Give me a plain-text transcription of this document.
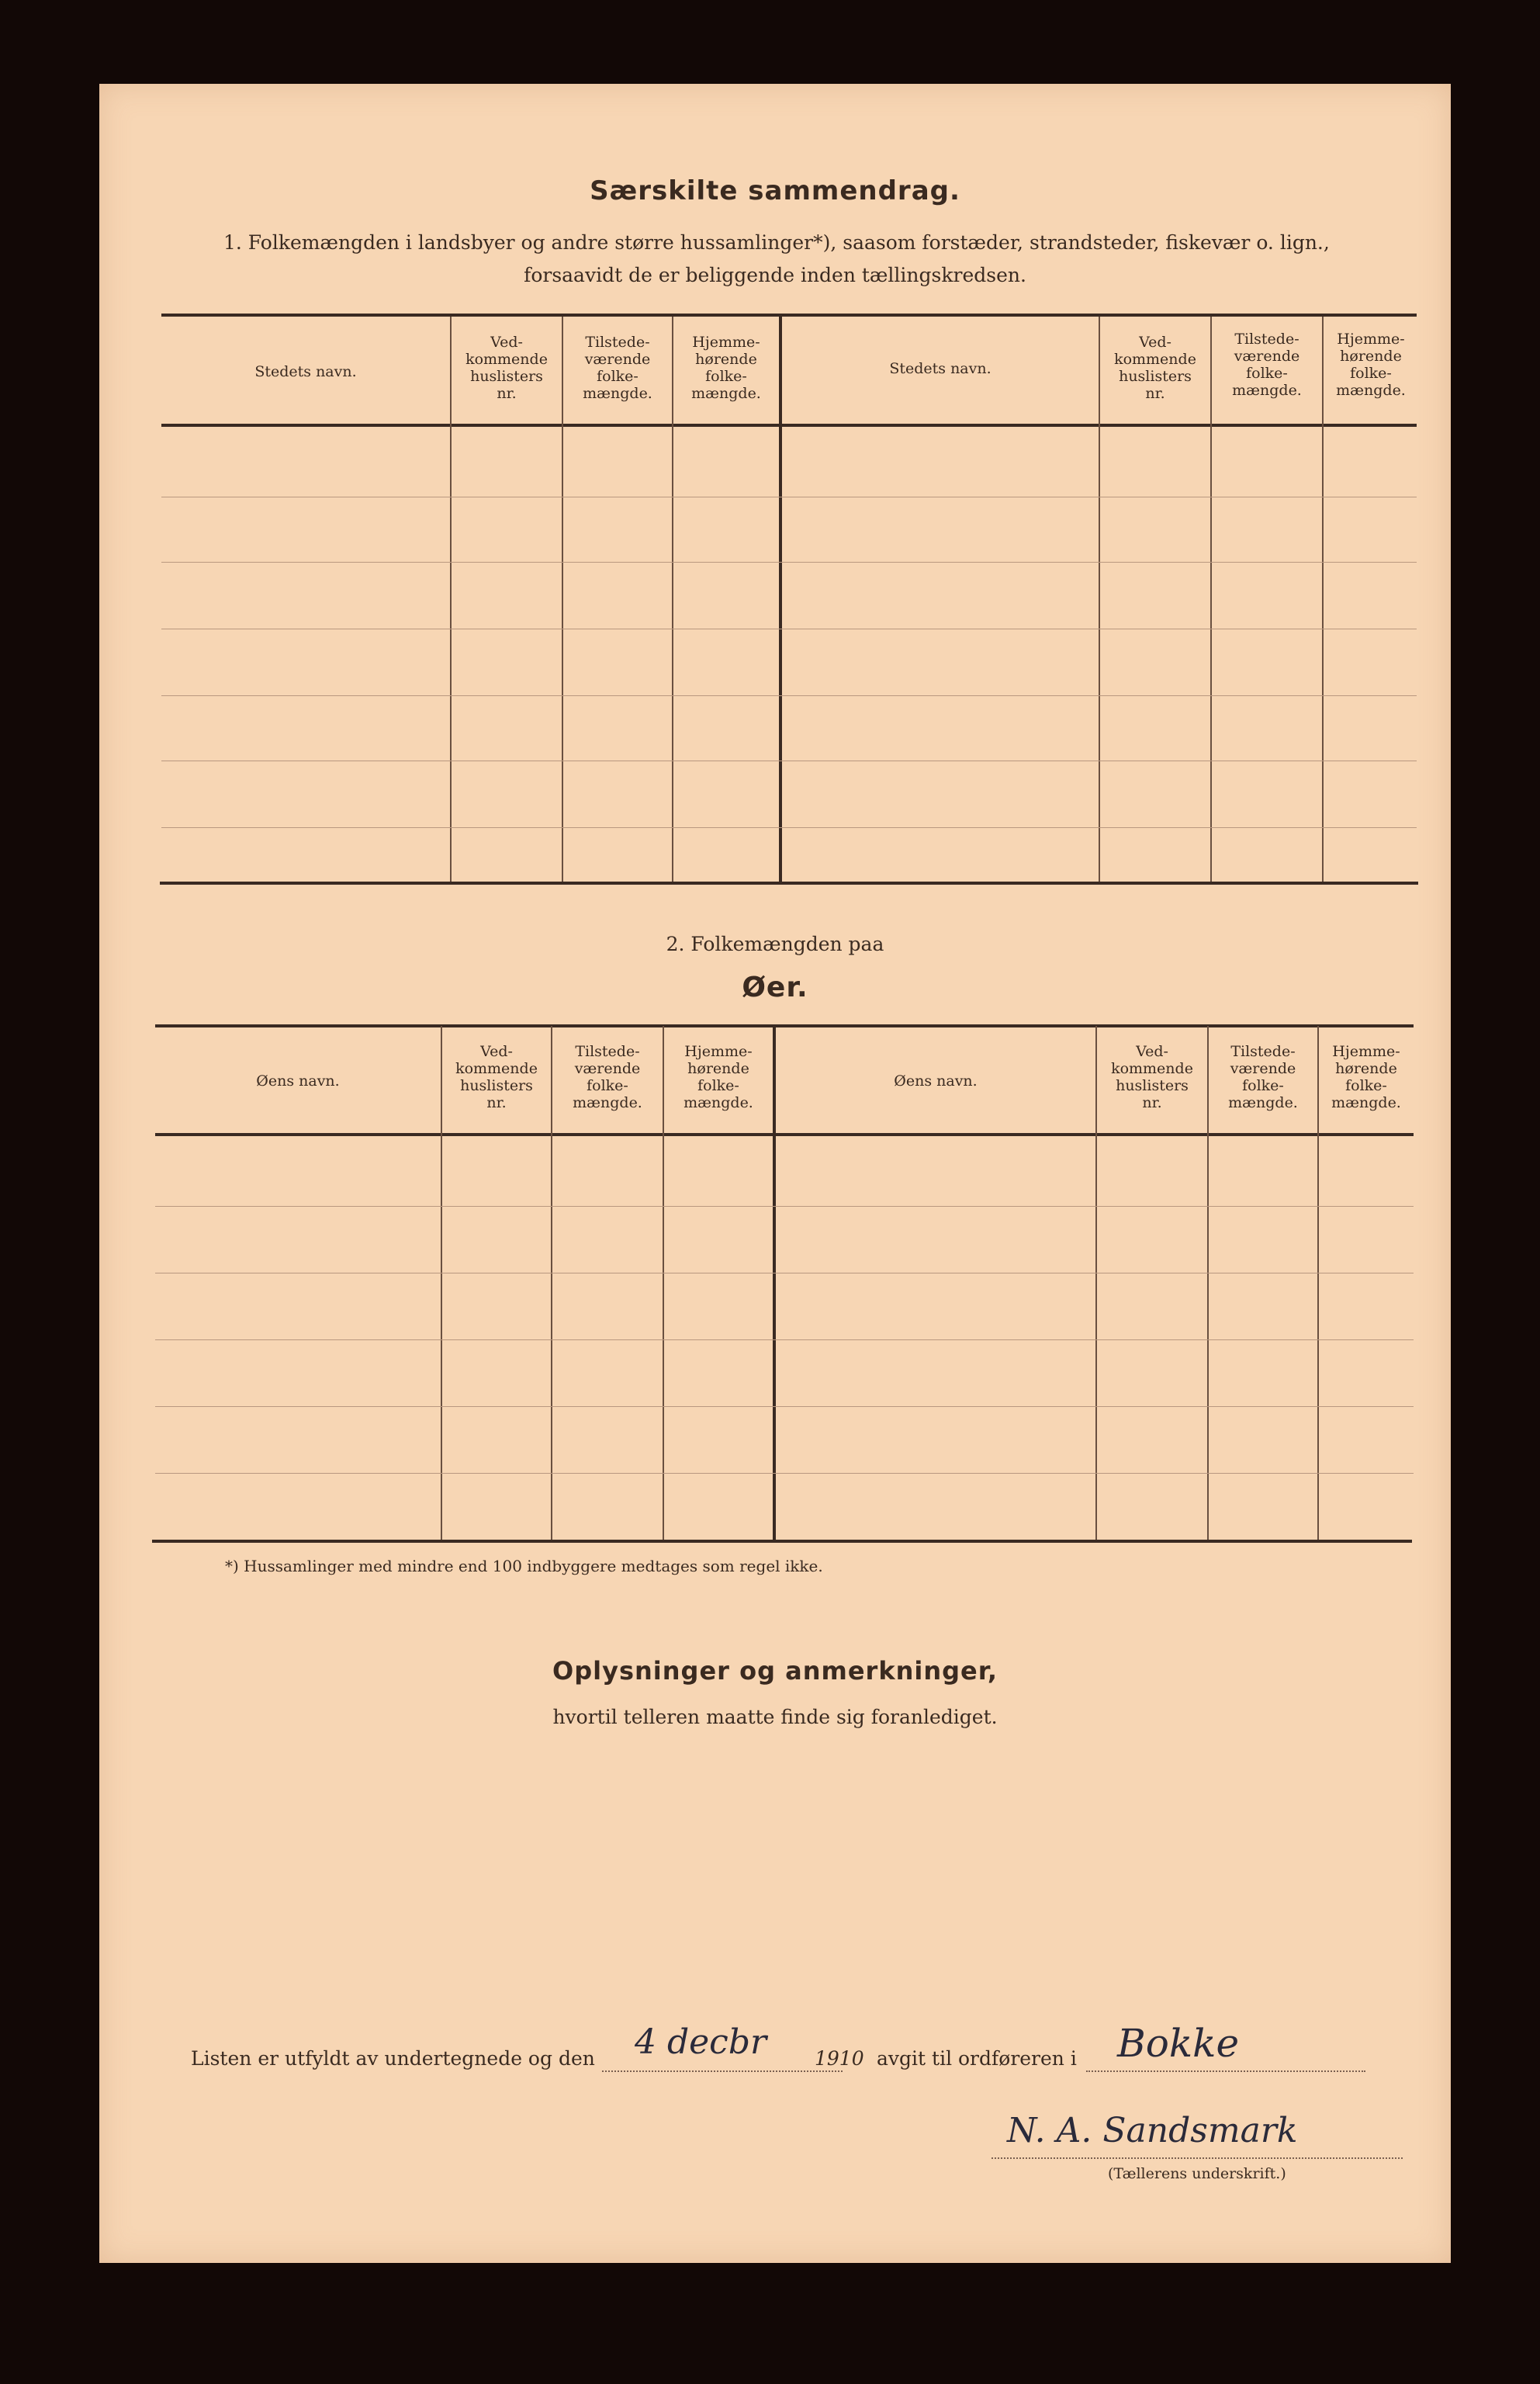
Særskilte sammendrag.
1. Folkemængden i landsbyer og andre større hussamlinger*), saasom forstæder, strandsteder, fiskevær o. lign.,
forsaavidt de er beliggende inden tællingskredsen.
Stedets navn.
Ved-
kommende
huslisters
nr.
Tilstede-
værende
folke-
mængde.
Hjemme-
hørende
folke-
mængde.
Stedets navn.
Ved-
kommende
huslisters
nr.
Tilstede-
værende
folke-
mængde.
Hjemme-
hørende
folke-
mængde.
2. Folkemængden paa
Øer.
Øens navn.
Ved-
kommende
huslisters
nr.
Tilstede-
værende
folke-
mængde.
Hjemme-
hørende
folke-
mængde.
Øens navn.
Ved-
kommende
huslisters
nr.
Tilstede-
værende
folke-
mængde.
Hjemme-
hørende
folke-
mængde.
*) Hussamlinger med mindre end 100 indbyggere medtages som regel ikke.
Oplysninger og anmerkninger,
hvortil telleren maatte finde sig foranlediget.
Listen er utfyldt av undertegnede og den 4 decbr 1910 avgit til ordføreren i Bokke
N. A. Sandsmark
(Tællerens underskrift.)
